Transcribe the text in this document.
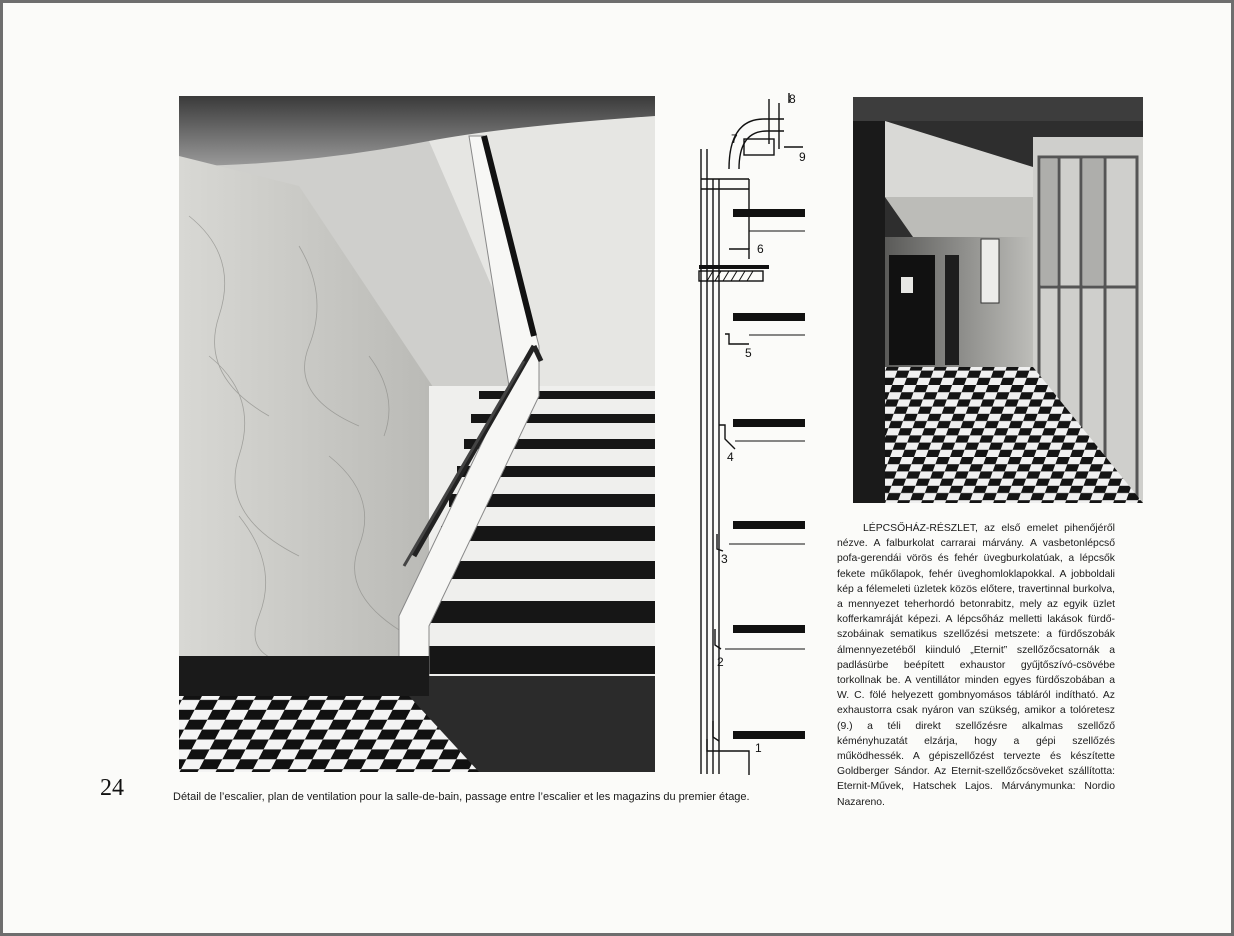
1
2
3
4
5
6
7
8
9
24	Détail de l’escalier, plan de ventilation pour la salle-de-bain, passage entre l’escalier et les magazins du premier étage.
LÉPCSŐHÁZ-RÉSZLET, az első emelet pihenőjéről nézve. A falburkolat carrarai márvány. A vasbetonlépcső pofa-gerendái vörös és fehér üvegburkolatúak, a lépcsők fekete műkőlapok, fehér üveghomloklapokkal. A jobboldali kép a félemeleti üzletek közös előtere, travertinnal burkolva, a mennyezet teherhordó betonrabitz, mely az egyik üzlet kofferkamráját képezi. A lépcsőház melletti lakások fürdőszobáinak sematikus szellőzési metszete: a fürdőszobák álmennyezetéből kiinduló „Eternit” szellőzőcsatornák a padlásürbe beépített exhaustor gyűjtőszívó-csövébe torkollnak be. A ventillátor minden egyes fürdőszobában a W. C. fölé helyezett gombnyomásos tábláról indítható. Az exhaustorra csak nyáron van szükség, amikor a tolóretesz (9.) a téli direkt szellőzésre alkalmas szellőző kéményhuzatát elzárja, hogy a gépi szellőzés működhessék. A gépiszellőzést tervezte és készítette Goldberger Sándor. Az Eternit-szellőzőcsöveket szállította: Eternit-Művek, Hatschek Lajos. Márványmunka: Nordio Nazareno.
